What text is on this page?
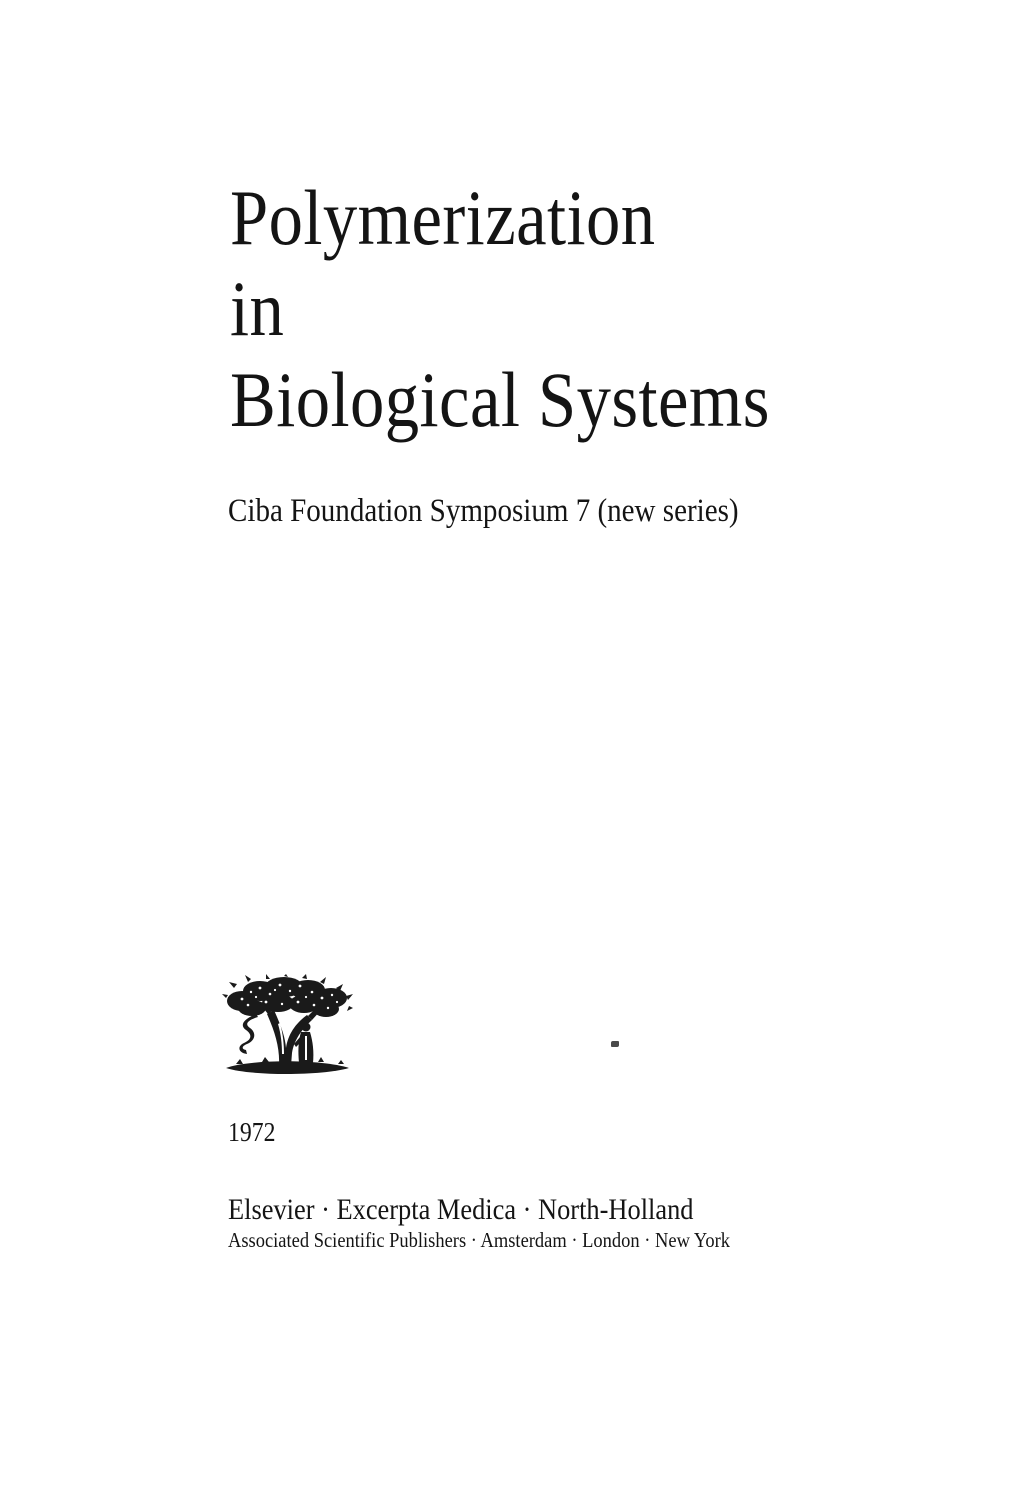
Polymerization
in
Biological Systems
Ciba Foundation Symposium 7 (new series)
1972
Elsevier · Excerpta Medica · North-Holland
Associated Scientific Publishers · Amsterdam · London · New York
